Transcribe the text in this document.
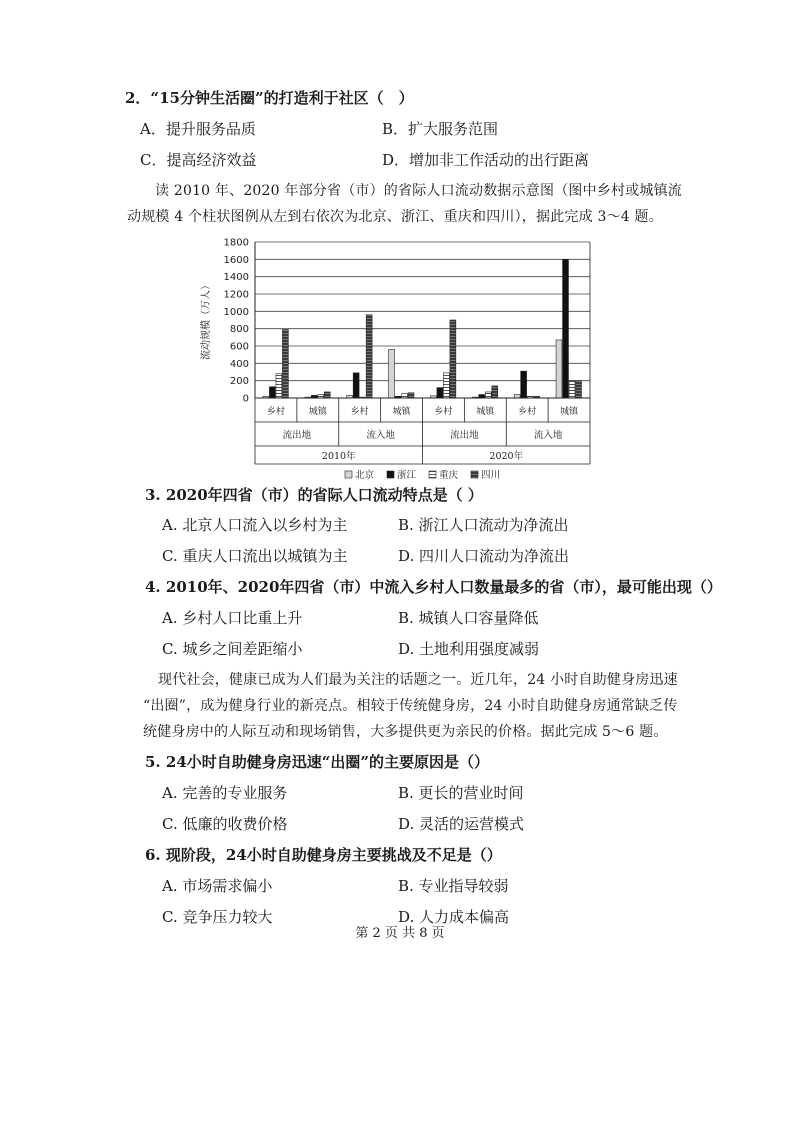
2．“15分钟生活圈”的打造利于社区（　）
A．提升服务品质	B．扩大服务范围
C．提高经济效益	D．增加非工作活动的出行距离
读 2010 年、2020 年部分省（市）的省际人口流动数据示意图（图中乡村或城镇流
动规模 4 个柱状图例从左到右依次为北京、浙江、重庆和四川），据此完成 3～4 题。
0
200
400
600
800
1000
1200
1400
1600
1800
流动规模（万人）
乡村	城镇	乡村	城镇	乡村	城镇	乡村	城镇
流出地	流入地	流出地	流入地
2010年	2020年
北京 浙江 重庆 四川
3. 2020年四省（市）的省际人口流动特点是（ ）
A. 北京人口流入以乡村为主	B. 浙江人口流动为净流出
C. 重庆人口流出以城镇为主	D. 四川人口流动为净流出
4. 2010年、2020年四省（市）中流入乡村人口数量最多的省（市），最可能出现（）
A. 乡村人口比重上升	B. 城镇人口容量降低
C. 城乡之间差距缩小	D. 土地利用强度减弱
现代社会，健康已成为人们最为关注的话题之一。近几年，24 小时自助健身房迅速
“出圈”，成为健身行业的新亮点。相较于传统健身房，24 小时自助健身房通常缺乏传
统健身房中的人际互动和现场销售，大多提供更为亲民的价格。据此完成 5～6 题。
5. 24小时自助健身房迅速“出圈”的主要原因是（）
A. 完善的专业服务	B. 更长的营业时间
C. 低廉的收费价格	D. 灵活的运营模式
6. 现阶段，24小时自助健身房主要挑战及不足是（）
A. 市场需求偏小	B. 专业指导较弱
C. 竞争压力较大	D. 人力成本偏高
第 2 页 共 8 页
